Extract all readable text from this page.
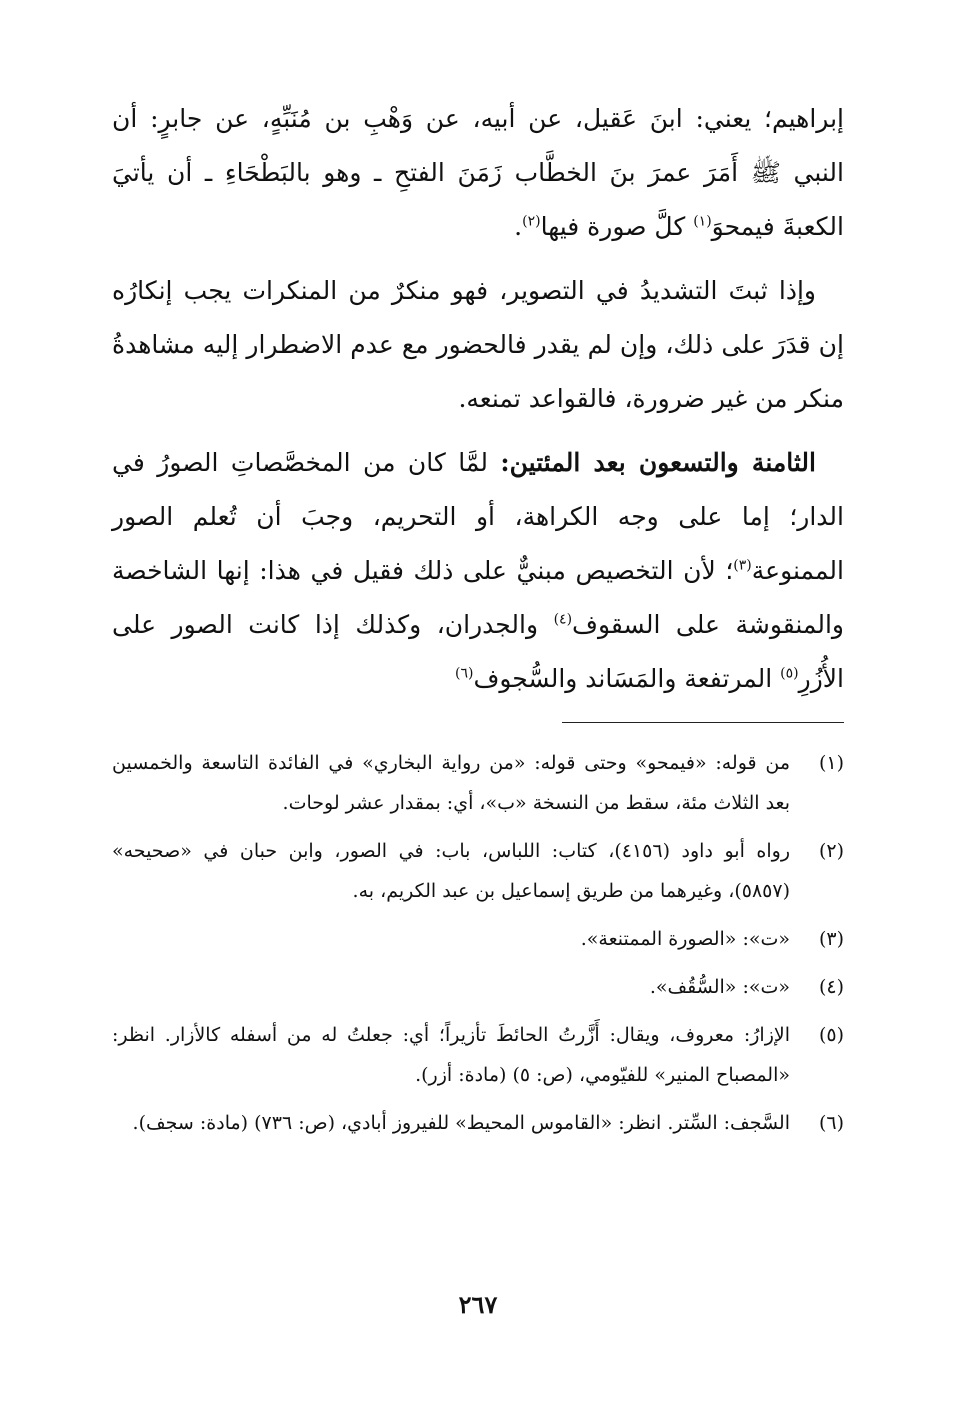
إبراهيم؛ يعني: ابنَ عَقيل، عن أبيه، عن وَهْبِ بن مُنَبِّهٍ، عن جابرٍ: أن النبي ﷺ أَمَرَ عمرَ بنَ الخطَّاب زَمَنَ الفتحِ ـ وهو بالبَطْحَاءِ ـ أن يأتيَ الكعبةَ فيمحوَ$^{(١)}$ كلَّ صورة فيها$^{(٢)}$.

وإذا ثبتَ التشديدُ في التصوير، فهو منكرٌ من المنكرات يجب إنكارُه إن قدَرَ على ذلك، وإن لم يقدر فالحضور مع عدم الاضطرار إليه مشاهدةُ منكر من غير ضرورة، فالقواعد تمنعه.

الثامنة والتسعون بعد المئتين: لمَّا كان من المخصَّصاتِ الصورُ في الدار؛ إما على وجه الكراهة، أو التحريم، وجبَ أن تُعلم الصور الممنوعة$^{(٣)}$؛ لأن التخصيص مبنيٌّ على ذلك فقيل في هذا: إنها الشاخصة والمنقوشة على السقوف$^{(٤)}$ والجدران، وكذلك إذا كانت الصور على الأُزُرِ$^{(٥)}$ المرتفعة والمَسَاند والسُّجوف$^{(٦)}$

(١)
من قوله: «فيمحو» وحتى قوله: «من رواية البخاري» في الفائدة التاسعة والخمسين بعد الثلاث مئة، سقط من النسخة «ب»، أي: بمقدار عشر لوحات.
(٢)
رواه أبو داود (٤١٥٦)، كتاب: اللباس، باب: في الصور، وابن حبان في «صحيحه» (٥٨٥٧)، وغيرهما من طريق إسماعيل بن عبد الكريم، به.
(٣)
«ت»: «الصورة الممتنعة».
(٤)
«ت»: «السُّقُف».
(٥)
الإزارُ: معروف، ويقال: أَزَّرتُ الحائطَ تأزيراً؛ أي: جعلتُ له من أسفله كالأزار. انظر: «المصباح المنير» للفيّومي، (ص: ٥) (مادة: أزر).
(٦)
السَّجف: السِّتر. انظر: «القاموس المحيط» للفيروز أبادي، (ص: ٧٣٦) (مادة: سجف).
٢٦٧
